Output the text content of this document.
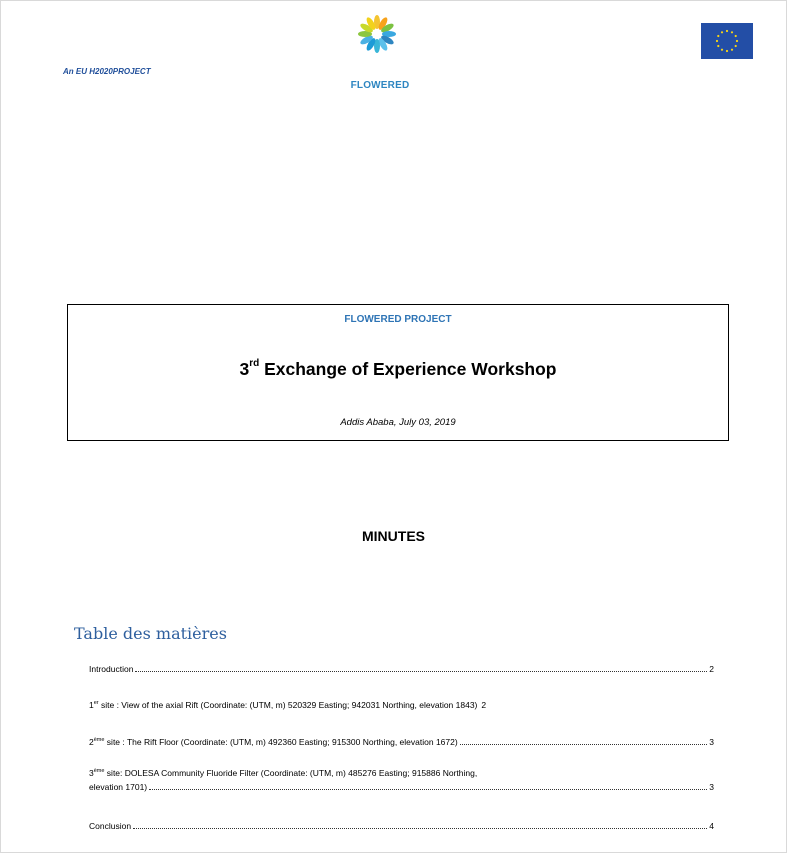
An EU H2020PROJECT
FLOWERED
FLOWERED PROJECT
3rd Exchange of Experience Workshop
Addis Ababa, July 03, 2019
MINUTES
Table des matières
Introduction	2
1er site : View of the axial Rift (Coordinate: (UTM, m) 520329 Easting; 942031 Northing, elevation 1843) 2
2ème site : The Rift Floor (Coordinate: (UTM, m) 492360 Easting; 915300 Northing, elevation 1672)	3
3ème site: DOLESA Community Fluoride Filter (Coordinate: (UTM, m) 485276 Easting; 915886 Northing,
elevation 1701)	3
Conclusion	4
